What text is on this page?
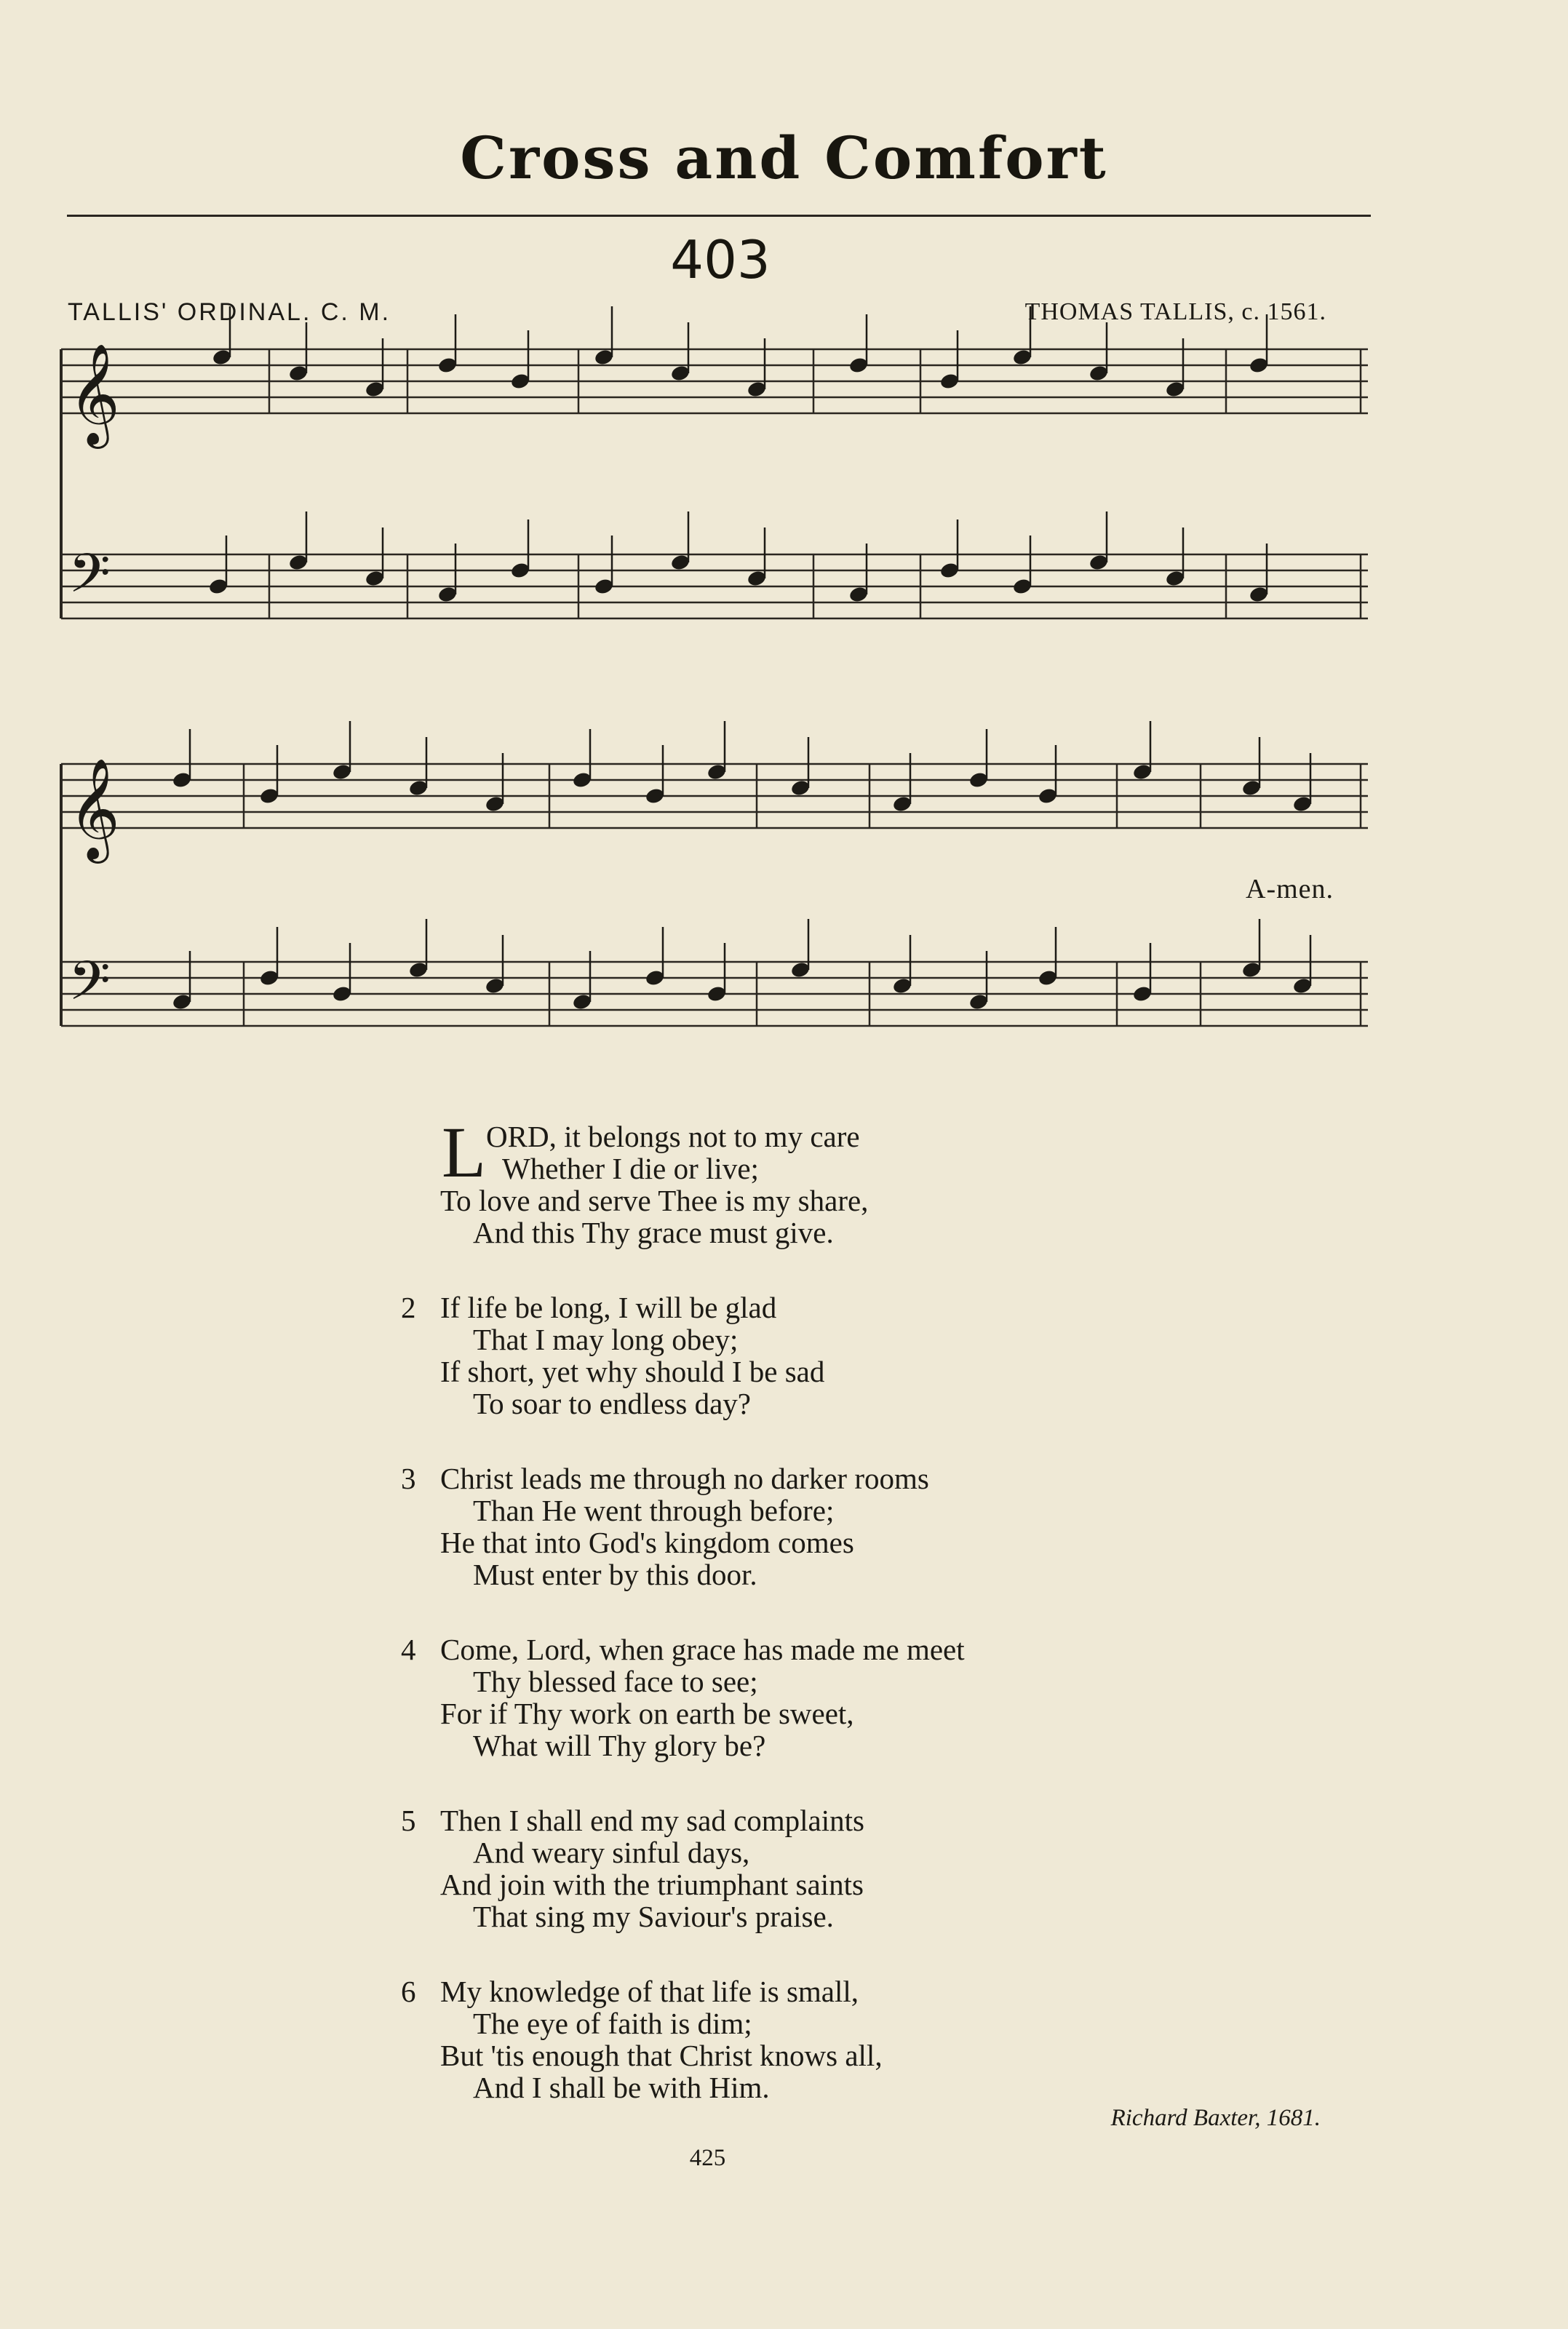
Cross and Comfort
403
TALLIS' ORDINAL. C. M.	THOMAS TALLIS, c. 1561.
𝄞
𝄢
𝄞
𝄢
A-men.
L ORD, it belongs not to my care
Whether I die or live;
To love and serve Thee is my share,
And this Thy grace must give.
2 If life be long, I will be glad
That I may long obey;
If short, yet why should I be sad
To soar to endless day?
3 Christ leads me through no darker rooms
Than He went through before;
He that into God's kingdom comes
Must enter by this door.
4 Come, Lord, when grace has made me meet
Thy blessed face to see;
For if Thy work on earth be sweet,
What will Thy glory be?
5 Then I shall end my sad complaints
And weary sinful days,
And join with the triumphant saints
That sing my Saviour's praise.
6 My knowledge of that life is small,
The eye of faith is dim;
But 'tis enough that Christ knows all,
And I shall be with Him.
Richard Baxter, 1681.
425
